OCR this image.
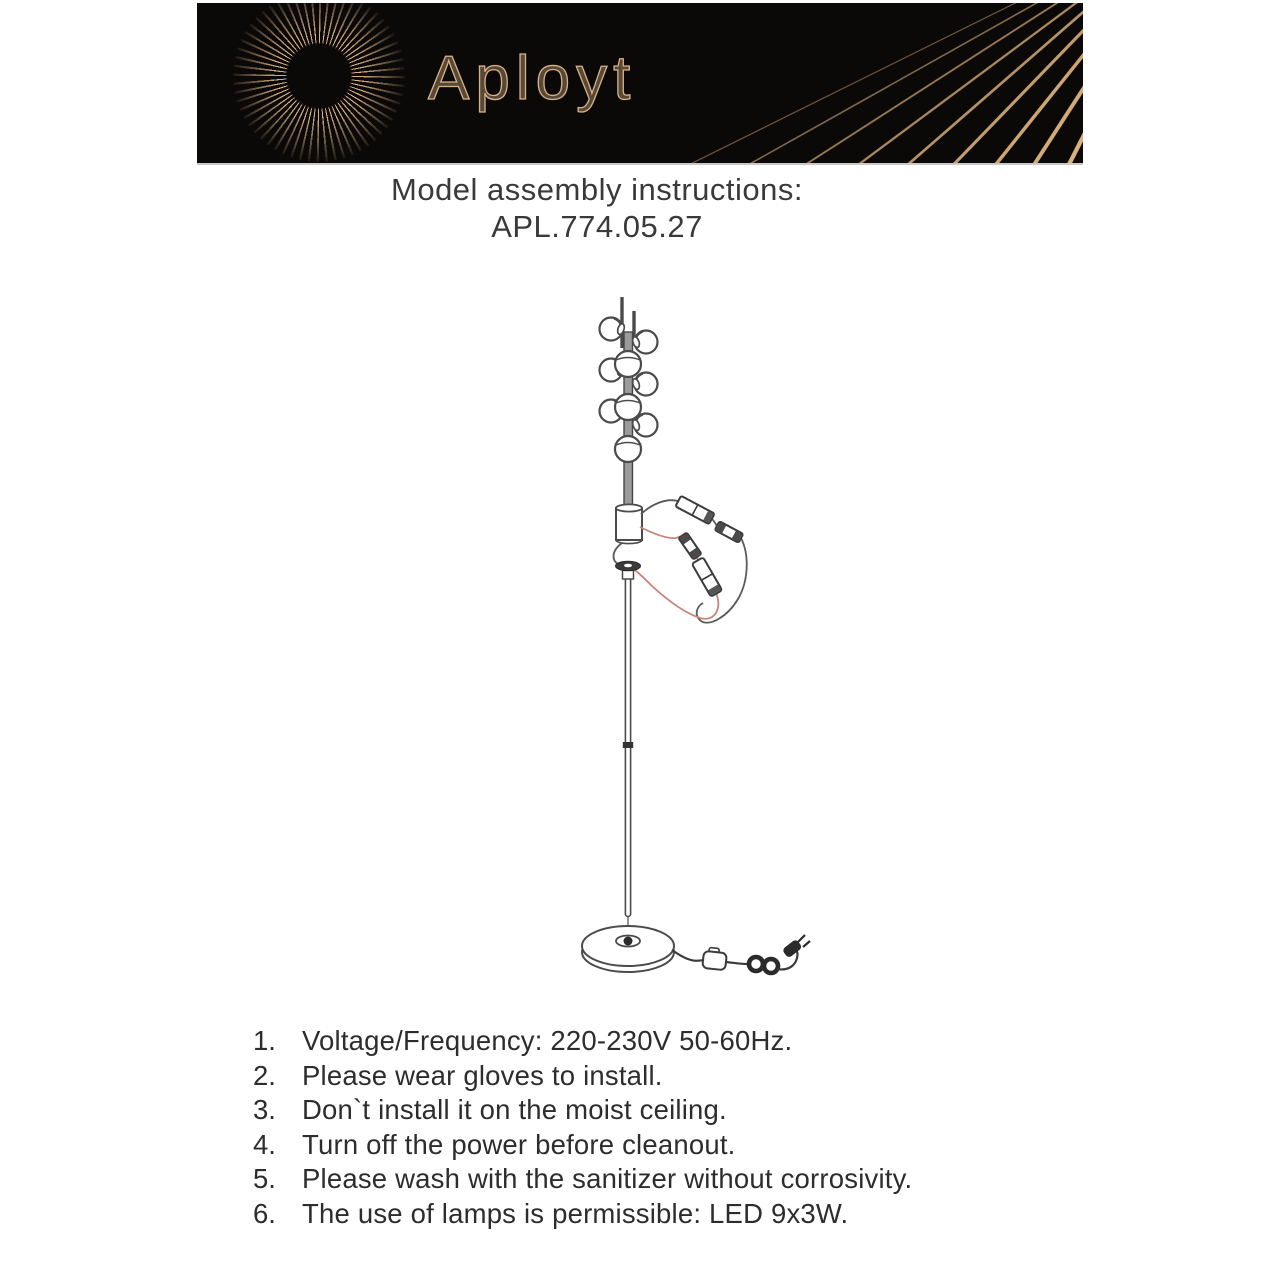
Aployt
Model assembly instructions:
APL.774.05.27
1. Voltage/Frequency: 220-230V 50-60Hz.
2. Please wear gloves to install.
3. Don`t install it on the moist ceiling.
4. Turn off the power before cleanout.
5. Please wash with the sanitizer without corrosivity.
6. The use of lamps is permissible: LED 9x3W.
